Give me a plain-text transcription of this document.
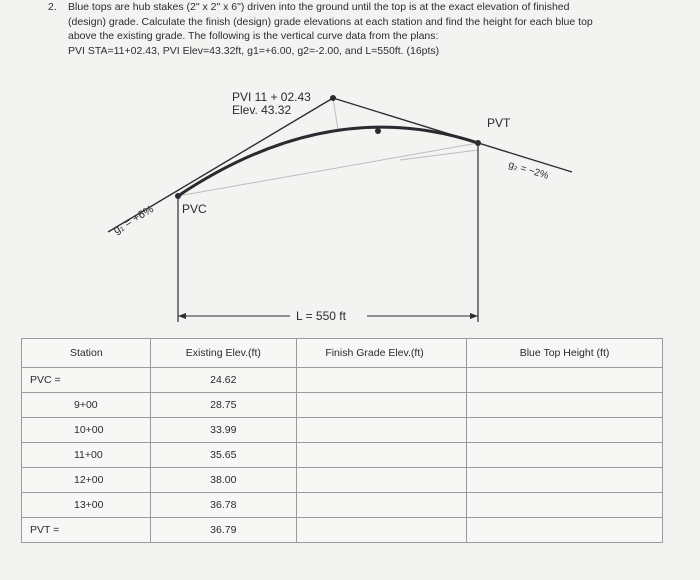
2. Blue tops are hub stakes (2" x 2" x 6") driven into the ground until the top is at the exact elevation of finished
(design) grade. Calculate the finish (design) grade elevations at each station and find the height for each blue top
above the existing grade. The following is the vertical curve data from the plans:
PVI STA=11+02.43, PVI Elev=43.32ft, g1=+6.00, g2=-2.00, and L=550ft. (16pts)
PVI 11 + 02.43
Elev. 43.32
PVC
PVT
g₁ = +6%
g₂ = −2%
L = 550 ft
Station	Existing Elev.(ft)	Finish Grade Elev.(ft)	Blue Top Height (ft)

PVC =	24.62		

9+00	28.75		

10+00	33.99		

11+00	35.65		

12+00	38.00		

13+00	36.78		

PVT =	36.79		
